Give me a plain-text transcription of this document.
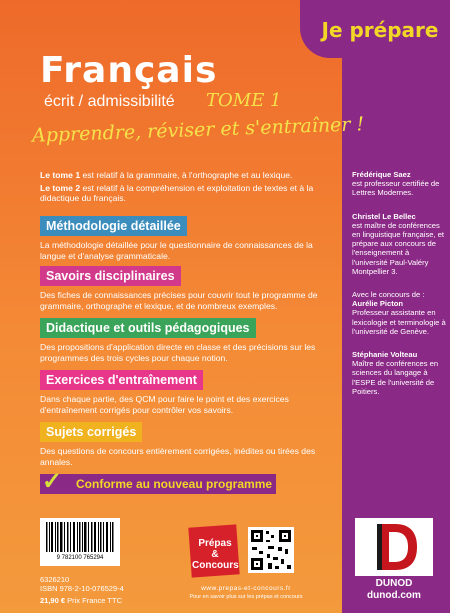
Je prépare
Français
écrit / admissibilité TOME 1
Apprendre, réviser et s'entraîner !

Le tome 1 est relatif à la grammaire, à l'orthographe et au lexique.

Le tome 2 est relatif à la compréhension et exploitation de textes et à la didactique du français.

Méthodologie détaillée
La méthodologie détaillée pour le questionnaire de connaissances de la langue et d'analyse grammaticale.
Savoirs disciplinaires
Des fiches de connaissances précises pour couvrir tout le programme de grammaire, orthographe et lexique, et de nombreux exemples.
Didactique et outils pédagogiques
Des propositions d'application directe en classe et des précisions sur les programmes des trois cycles pour chaque notion.
Exercices d'entraînement
Dans chaque partie, des QCM pour faire le point et des exercices d'entraînement corrigés pour contrôler vos savoirs.
Sujets corrigés
Des questions de concours entièrement corrigées, inédites ou tirées des annales.
✓ Conforme au nouveau programme
9 782100 765294
6326210
ISBN 978-2-10-076529-4
21,90 € Prix France TTC
Prépas
&
Concours
www.prepas-et-concours.fr
Pour en savoir plus sur les prépas et concours
Frédérique Saez
est professeur certifiée de Lettres Modernes.
Christel Le Bellec
est maître de conférences en linguistique française, et prépare aux concours de l'enseignement à l'université Paul-Valéry Montpellier 3.
Avec le concours de :
Aurélie Picton
Professeur assistante en lexicologie et terminologie à l'université de Genève.
Stéphanie Volteau
Maître de conférences en sciences du langage à l'ESPE de l'université de Poitiers.
DUNOD
dunod.com
